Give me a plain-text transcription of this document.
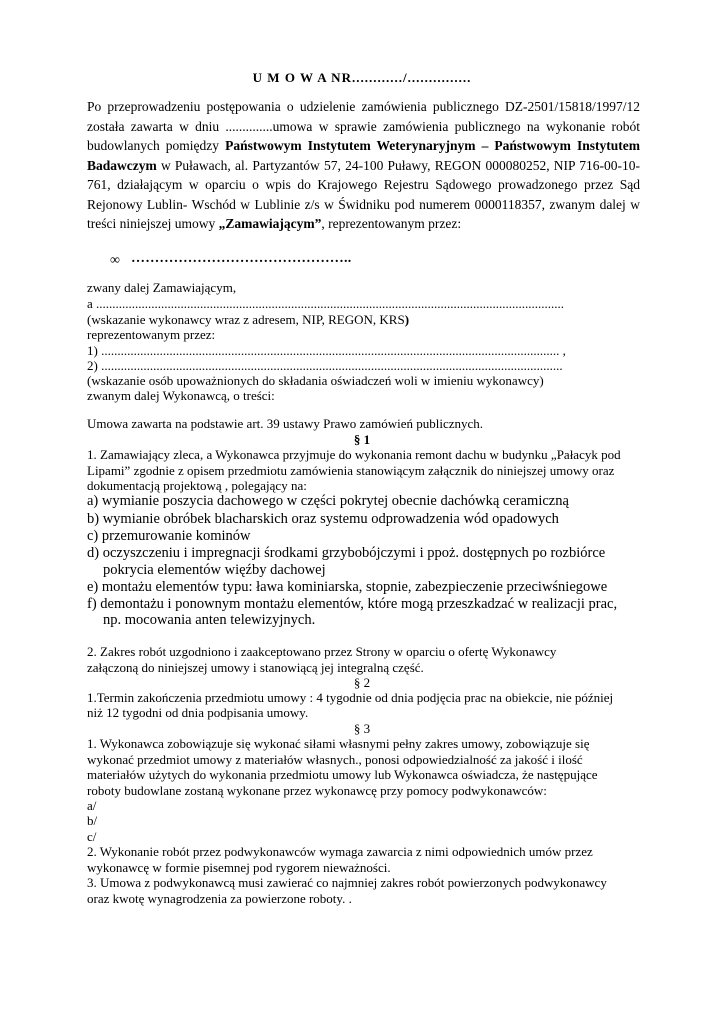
U M O W A NR............/...............
Po przeprowadzeniu postępowania o udzielenie zamówienia publicznego DZ-2501/15818/1997/12 została zawarta w dniu ..............umowa w sprawie zamówienia publicznego na wykonanie robót budowlanych pomiędzy Państwowym Instytutem Weterynaryjnym – Państwowym Instytutem Badawczym w Puławach, al. Partyzantów 57, 24-100 Puławy, REGON 000080252, NIP 716-00-10-761, działającym w oparciu o wpis do Krajowego Rejestru Sądowego prowadzonego przez Sąd Rejonowy Lublin- Wschód w Lublinie z/s w Świdniku pod numerem 0000118357, zwanym dalej w treści niniejszej umowy „Zamawiającym”, reprezentowanym przez:
∞ ………………………………………..
zwany dalej Zamawiającym,
a ................................................................................................................................................
(wskazanie wykonawcy wraz z adresem, NIP, REGON, KRS)
reprezentowanym przez:
1) ............................................................................................................................................. ,
2) ..............................................................................................................................................
(wskazanie osób upoważnionych do składania oświadczeń woli w imieniu wykonawcy)
zwanym dalej Wykonawcą, o treści:
Umowa zawarta na podstawie art. 39 ustawy Prawo zamówień publicznych.
§ 1
1. Zamawiający zleca, a Wykonawca przyjmuje do wykonania remont dachu w budynku „Pałacyk pod
Lipami” zgodnie z opisem przedmiotu zamówienia stanowiącym załącznik do niniejszej umowy oraz
dokumentacją projektową , polegający na:
a) wymianie poszycia dachowego w części pokrytej obecnie dachówką ceramiczną
b) wymianie obróbek blacharskich oraz systemu odprowadzenia wód opadowych
c) przemurowanie kominów
d) oczyszczeniu i impregnacji środkami grzybobójczymi i ppoż. dostępnych po rozbiórce
pokrycia elementów więźby dachowej
e) montażu elementów typu: ława kominiarska, stopnie, zabezpieczenie przeciwśniegowe
f) demontażu i ponownym montażu elementów, które mogą przeszkadzać w realizacji prac,
np. mocowania anten telewizyjnych.
2. Zakres robót uzgodniono i zaakceptowano przez Strony w oparciu o ofertę Wykonawcy
załączoną do niniejszej umowy i stanowiącą jej integralną część.
§ 2
1.Termin zakończenia przedmiotu umowy : 4 tygodnie od dnia podjęcia prac na obiekcie, nie później
niż 12 tygodni od dnia podpisania umowy.
§ 3
1. Wykonawca zobowiązuje się wykonać siłami własnymi pełny zakres umowy, zobowiązuje się
wykonać przedmiot umowy z materiałów własnych., ponosi odpowiedzialność za jakość i ilość
materiałów użytych do wykonania przedmiotu umowy lub Wykonawca oświadcza, że następujące
roboty budowlane zostaną wykonane przez wykonawcę przy pomocy podwykonawców:
a/
b/
c/
2. Wykonanie robót przez podwykonawców wymaga zawarcia z nimi odpowiednich umów przez
wykonawcę w formie pisemnej pod rygorem nieważności.
3. Umowa z podwykonawcą musi zawierać co najmniej zakres robót powierzonych podwykonawcy
oraz kwotę wynagrodzenia za powierzone roboty. .
